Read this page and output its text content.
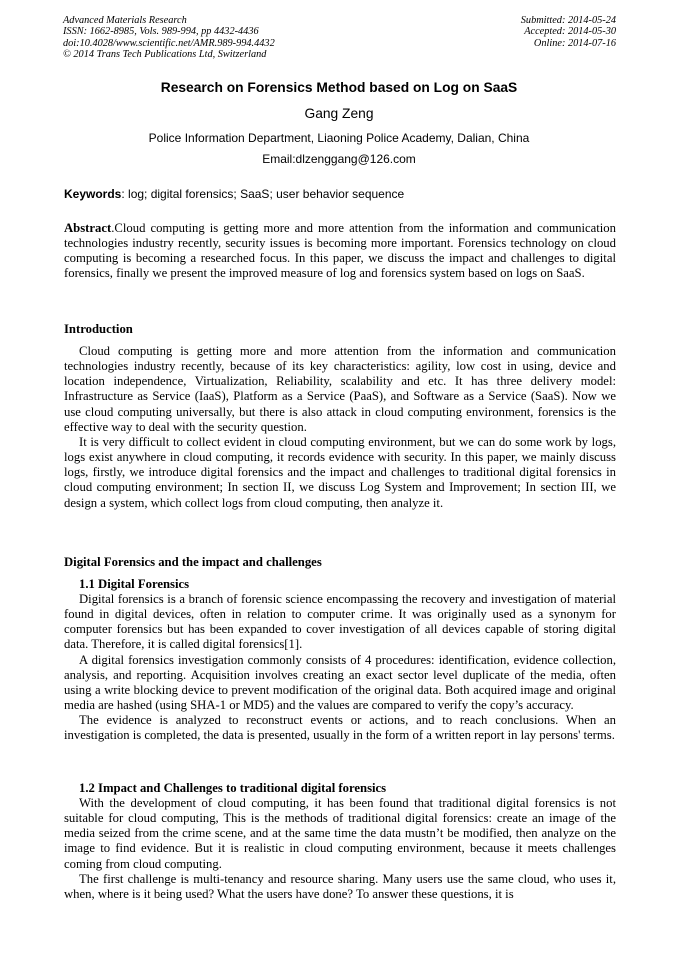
Advanced Materials Research
ISSN: 1662-8985, Vols. 989-994, pp 4432-4436
doi:10.4028/www.scientific.net/AMR.989-994.4432
© 2014 Trans Tech Publications Ltd, Switzerland
Submitted: 2014-05-24
Accepted: 2014-05-30
Online: 2014-07-16
Research on Forensics Method based on Log on SaaS
Gang Zeng
Police Information Department, Liaoning Police Academy, Dalian, China
Email:dlzenggang@126.com
Keywords: log; digital forensics; SaaS; user behavior sequence
Abstract.Cloud computing is getting more and more attention from the information and communication technologies industry recently, security issues is becoming more important. Forensics technology on cloud computing is becoming a researched focus. In this paper, we discuss the impact and challenges to digital forensics, finally we present the improved measure of log and forensics system based on logs on SaaS.
Introduction

Cloud computing is getting more and more attention from the information and communication technologies industry recently, because of its key characteristics: agility, low cost in using, device and location independence, Virtualization, Reliability, scalability and etc. It has three delivery model: Infrastructure as Service (IaaS), Platform as a Service (PaaS), and Software as a Service (SaaS). Now we use cloud computing universally, but there is also attack in cloud computing environment, forensics is the effective way to deal with the security question.

It is very difficult to collect evident in cloud computing environment, but we can do some work by logs, logs exist anywhere in cloud computing, it records evidence with security. In this paper, we mainly discuss logs, firstly, we introduce digital forensics and the impact and challenges to traditional digital forensics in cloud computing environment; In section II, we discuss Log System and Improvement; In section III, we design a system, which collect logs from cloud computing, then analyze it.

Digital Forensics and the impact and challenges
1.1 Digital Forensics

Digital forensics is a branch of forensic science encompassing the recovery and investigation of material found in digital devices, often in relation to computer crime. It was originally used as a synonym for computer forensics but has been expanded to cover investigation of all devices capable of storing digital data. Therefore, it is called digital forensics[1].

A digital forensics investigation commonly consists of 4 procedures: identification, evidence collection, analysis, and reporting. Acquisition involves creating an exact sector level duplicate of the media, often using a write blocking device to prevent modification of the original data. Both acquired image and original media are hashed (using SHA-1 or MD5) and the values are compared to verify the copy’s accuracy.

The evidence is analyzed to reconstruct events or actions, and to reach conclusions. When an investigation is completed, the data is presented, usually in the form of a written report in lay persons' terms.

1.2 Impact and Challenges to traditional digital forensics

With the development of cloud computing, it has been found that traditional digital forensics is not suitable for cloud computing, This is the methods of traditional digital forensics: create an image of the media seized from the crime scene, and at the same time the data mustn’t be modified, then analyze on the image to find evidence. But it is realistic in cloud computing environment, because it meets challenges coming from cloud computing.

The first challenge is multi-tenancy and resource sharing. Many users use the same cloud, who uses it, when, where is it being used? What the users have done? To answer these questions, it is
